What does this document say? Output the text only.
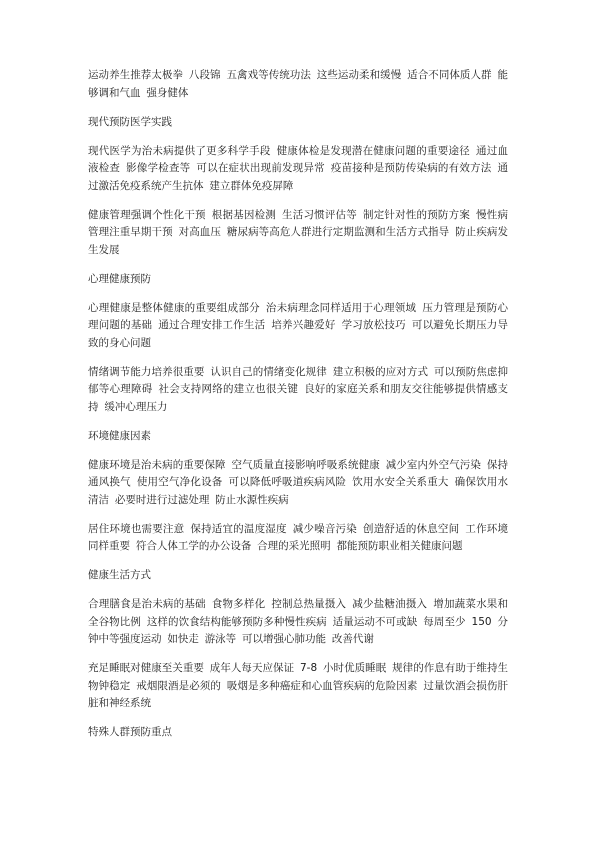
运动养生推荐太极拳 八段锦 五禽戏等传统功法 这些运动柔和缓慢 适合不同体质人群 能够调和气血 强身健体

现代预防医学实践

现代医学为治未病提供了更多科学手段 健康体检是发现潜在健康问题的重要途径 通过血液检查 影像学检查等 可以在症状出现前发现异常 疫苗接种是预防传染病的有效方法 通过激活免疫系统产生抗体 建立群体免疫屏障

健康管理强调个性化干预 根据基因检测 生活习惯评估等 制定针对性的预防方案 慢性病管理注重早期干预 对高血压 糖尿病等高危人群进行定期监测和生活方式指导 防止疾病发生发展

心理健康预防

心理健康是整体健康的重要组成部分 治未病理念同样适用于心理领域 压力管理是预防心理问题的基础 通过合理安排工作生活 培养兴趣爱好 学习放松技巧 可以避免长期压力导致的身心问题

情绪调节能力培养很重要 认识自己的情绪变化规律 建立积极的应对方式 可以预防焦虑抑郁等心理障碍 社会支持网络的建立也很关键 良好的家庭关系和朋友交往能够提供情感支持 缓冲心理压力

环境健康因素

健康环境是治未病的重要保障 空气质量直接影响呼吸系统健康 减少室内外空气污染 保持通风换气 使用空气净化设备 可以降低呼吸道疾病风险 饮用水安全关系重大 确保饮用水清洁 必要时进行过滤处理 防止水源性疾病

居住环境也需要注意 保持适宜的温度湿度 减少噪音污染 创造舒适的休息空间 工作环境同样重要 符合人体工学的办公设备 合理的采光照明 都能预防职业相关健康问题

健康生活方式

合理膳食是治未病的基础 食物多样化 控制总热量摄入 减少盐糖油摄入 增加蔬菜水果和全谷物比例 这样的饮食结构能够预防多种慢性疾病 适量运动不可或缺 每周至少 150 分钟中等强度运动 如快走 游泳等 可以增强心肺功能 改善代谢

充足睡眠对健康至关重要 成年人每天应保证 7-8 小时优质睡眠 规律的作息有助于维持生物钟稳定 戒烟限酒是必须的 吸烟是多种癌症和心血管疾病的危险因素 过量饮酒会损伤肝脏和神经系统

特殊人群预防重点
